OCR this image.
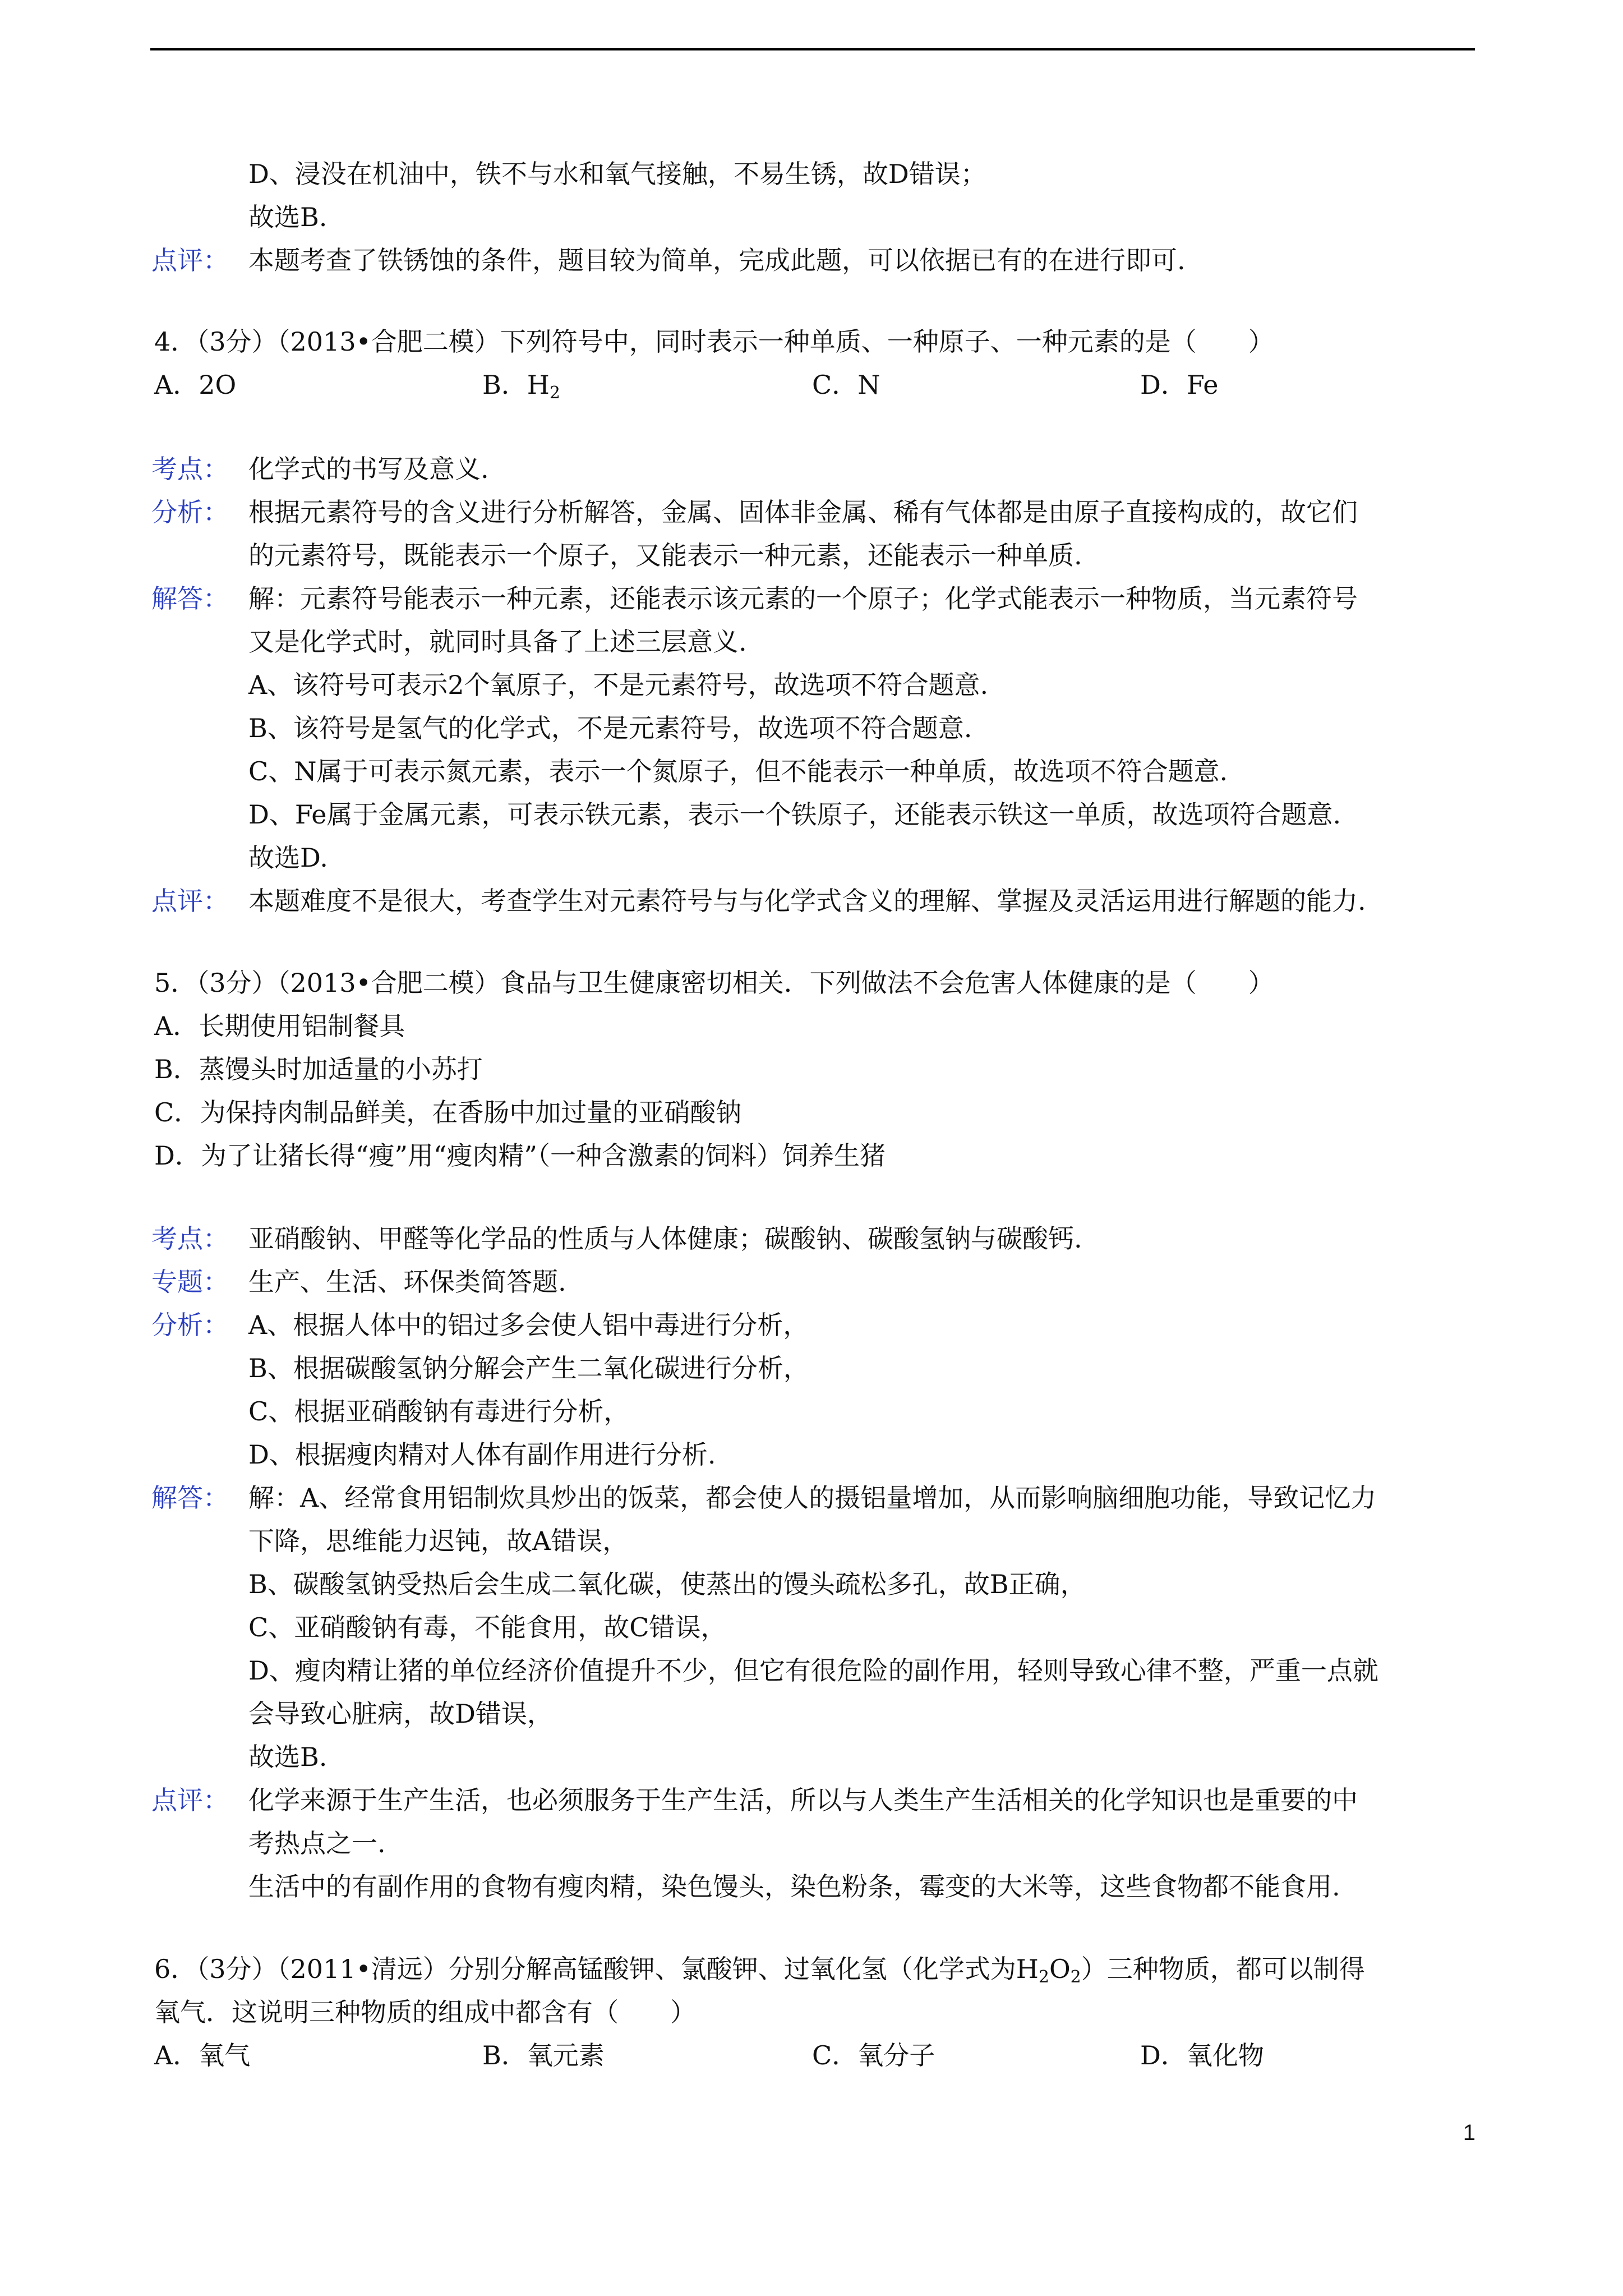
D、浸没在机油中，铁不与水和氧气接触，不易生锈，故D错误；
故选B.
点评： 本题考查了铁锈蚀的条件，题目较为简单，完成此题，可以依据已有的在进行即可.
4．（3分）（2013•合肥二模）下列符号中，同时表示一种单质、一种原子、一种元素的是（　　）
A．2O	B．$H_2$	C．N	D．Fe
考点： 化学式的书写及意义.
分析： 根据元素符号的含义进行分析解答，金属、固体非金属、稀有气体都是由原子直接构成的，故它们
的元素符号，既能表示一个原子，又能表示一种元素，还能表示一种单质.
解答： 解：元素符号能表示一种元素，还能表示该元素的一个原子；化学式能表示一种物质，当元素符号
又是化学式时，就同时具备了上述三层意义.
A、该符号可表示2个氧原子，不是元素符号，故选项不符合题意.
B、该符号是氢气的化学式，不是元素符号，故选项不符合题意.
C、N属于可表示氮元素，表示一个氮原子，但不能表示一种单质，故选项不符合题意.
D、Fe属于金属元素，可表示铁元素，表示一个铁原子，还能表示铁这一单质，故选项符合题意.
故选D.
点评： 本题难度不是很大，考查学生对元素符号与与化学式含义的理解、掌握及灵活运用进行解题的能力.
5．（3分）（2013•合肥二模）食品与卫生健康密切相关．下列做法不会危害人体健康的是（　　）
A．长期使用铝制餐具
B．蒸馒头时加适量的小苏打
C．为保持肉制品鲜美，在香肠中加过量的亚硝酸钠
D．为了让猪长得“瘦”用“瘦肉精”（一种含激素的饲料）饲养生猪
考点： 亚硝酸钠、甲醛等化学品的性质与人体健康；碳酸钠、碳酸氢钠与碳酸钙.
专题： 生产、生活、环保类简答题.
分析： A、根据人体中的铝过多会使人铝中毒进行分析，
B、根据碳酸氢钠分解会产生二氧化碳进行分析，
C、根据亚硝酸钠有毒进行分析，
D、根据瘦肉精对人体有副作用进行分析.
解答： 解：A、经常食用铝制炊具炒出的饭菜，都会使人的摄铝量增加，从而影响脑细胞功能，导致记忆力
下降，思维能力迟钝，故A错误，
B、碳酸氢钠受热后会生成二氧化碳，使蒸出的馒头疏松多孔，故B正确，
C、亚硝酸钠有毒，不能食用，故C错误，
D、瘦肉精让猪的单位经济价值提升不少，但它有很危险的副作用，轻则导致心律不整，严重一点就
会导致心脏病，故D错误，
故选B.
点评： 化学来源于生产生活，也必须服务于生产生活，所以与人类生产生活相关的化学知识也是重要的中
考热点之一.
生活中的有副作用的食物有瘦肉精，染色馒头，染色粉条，霉变的大米等，这些食物都不能食用.
6．（3分）（2011•清远）分别分解高锰酸钾、氯酸钾、过氧化氢（化学式为$H_2O_2$）三种物质，都可以制得
氧气．这说明三种物质的组成中都含有（　　）
A．氧气	B．氧元素	C．氧分子	D．氧化物
1
